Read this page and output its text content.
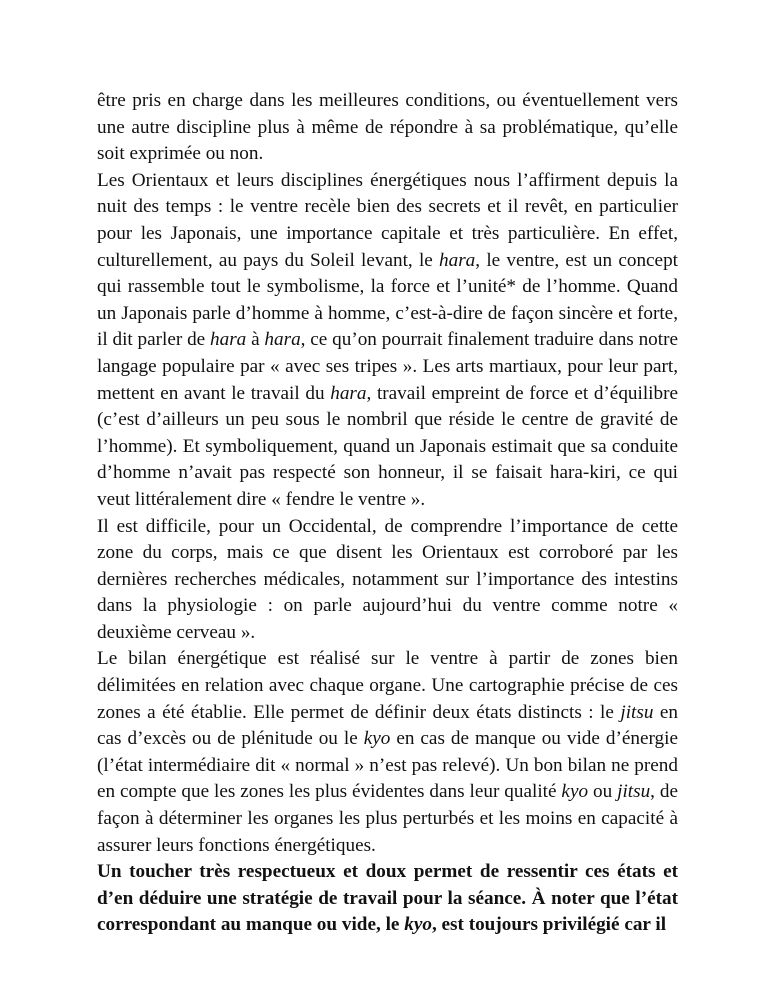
être pris en charge dans les meilleures conditions, ou éventuellement vers une autre discipline plus à même de répondre à sa problématique, qu’elle soit exprimée ou non.

Les Orientaux et leurs disciplines énergétiques nous l’affirment depuis la nuit des temps : le ventre recèle bien des secrets et il revêt, en particulier pour les Japonais, une importance capitale et très particulière. En effet, culturellement, au pays du Soleil levant, le hara, le ventre, est un concept qui rassemble tout le symbolisme, la force et l’unité* de l’homme. Quand un Japonais parle d’homme à homme, c’est-à-dire de façon sincère et forte, il dit parler de hara à hara, ce qu’on pourrait finalement traduire dans notre langage populaire par « avec ses tripes ». Les arts martiaux, pour leur part, mettent en avant le travail du hara, travail empreint de force et d’équilibre (c’est d’ailleurs un peu sous le nombril que réside le centre de gravité de l’homme). Et symboliquement, quand un Japonais estimait que sa conduite d’homme n’avait pas respecté son honneur, il se faisait hara-kiri, ce qui veut littéralement dire « fendre le ventre ».

Il est difficile, pour un Occidental, de comprendre l’importance de cette zone du corps, mais ce que disent les Orientaux est corroboré par les dernières recherches médicales, notamment sur l’importance des intestins dans la physiologie : on parle aujourd’hui du ventre comme notre « deuxième cerveau ».

Le bilan énergétique est réalisé sur le ventre à partir de zones bien délimitées en relation avec chaque organe. Une cartographie précise de ces zones a été établie. Elle permet de définir deux états distincts : le jitsu en cas d’excès ou de plénitude ou le kyo en cas de manque ou vide d’énergie (l’état intermédiaire dit « normal » n’est pas relevé). Un bon bilan ne prend en compte que les zones les plus évidentes dans leur qualité kyo ou jitsu, de façon à déterminer les organes les plus perturbés et les moins en capacité à assurer leurs fonctions énergétiques.

Un toucher très respectueux et doux permet de ressentir ces états et d’en déduire une stratégie de travail pour la séance. À noter que l’état correspondant au manque ou vide, le kyo, est toujours privilégié car il
